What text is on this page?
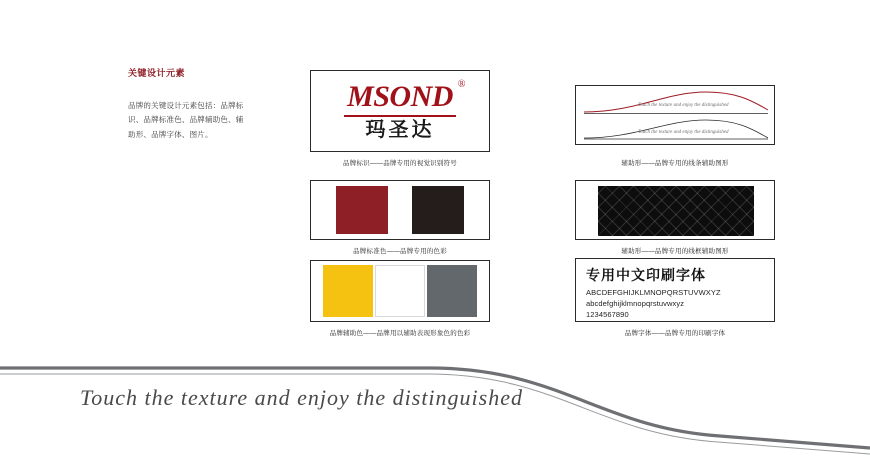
关键设计元素
品牌的关键设计元素包括：品牌标识、品牌标准色、品牌辅助色、辅助形、品牌字体、图片。
MSOND ®
玛圣达
品牌标识——品牌专用的视觉识别符号
品牌标准色——品牌专用的色彩
品牌辅助色——品牌用以辅助表现形象色的色彩
Touch the texture and enjoy the distinguished
Touch the texture and enjoy the distinguished
辅助形——品牌专用的线条辅助图形
辅助形——品牌专用的线框辅助图形
专用中文印刷字体
ABCDEFGHIJKLMNOPQRSTUVWXYZ
abcdefghijklmnopqrstuvwxyz
1234567890
品牌字体——品牌专用的印刷字体
Touch the texture and enjoy the distinguished
